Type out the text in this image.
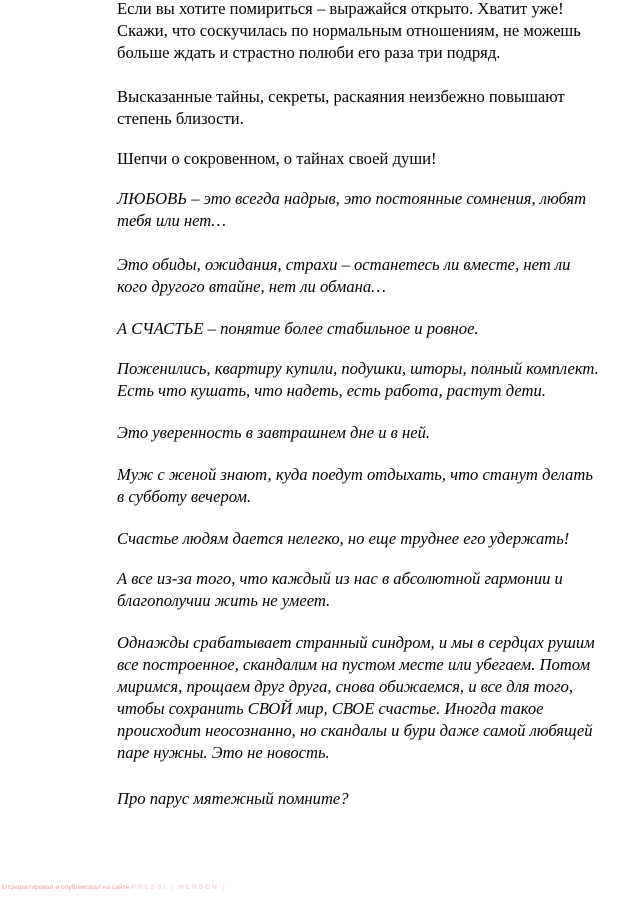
Если вы хотите помириться – выражайся открыто. Хватит уже!
Скажи, что соскучилась по нормальным отношениям, не можешь
больше ждать и страстно полюби его раза три подряд.

Высказанные тайны, секреты, раскаяния неизбежно повышают
степень близости.

Шепчи о сокровенном, о тайнах своей души!

ЛЮБОВЬ – это всегда надрыв, это постоянные сомнения, любят
тебя или нет…

Это обиды, ожидания, страхи – останетесь ли вместе, нет ли
кого другого втайне, нет ли обмана…

А СЧАСТЬЕ – понятие более стабильное и ровное.

Поженились, квартиру купили, подушки, шторы, полный комплект.
Есть что кушать, что надеть, есть работа, растут дети.

Это уверенность в завтрашнем дне и в ней.

Муж с женой знают, куда поедут отдыхать, что станут делать
в субботу вечером.

Счастье людям дается нелегко, но еще труднее его удержать!

А все из-за того, что каждый из нас в абсолютной гармонии и
благополучии жить не умеет.

Однажды срабатывает странный синдром, и мы в сердцах рушим
все построенное, скандалим на пустом месте или убегаем. Потом
миримся, прощаем друг друга, снова обижаемся, и все для того,
чтобы сохранить СВОЙ мир, СВОЕ счастье. Иногда такое
происходит неосознанно, но скандалы и бури даже самой любящей
паре нужны. Это не новость.

Про парус мятежный помните?

Отредактировал и опубликовал на сайте PRESSI ( HERSON )
